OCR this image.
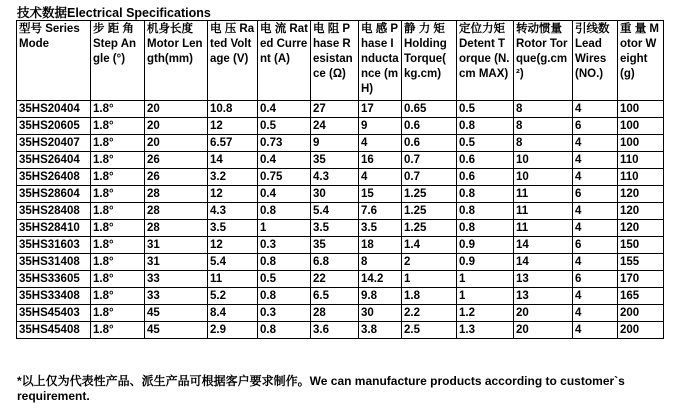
技术数据Electrical Specifications
型号 Series Mode	步 距 角 Step Angle (°)	机身长度 Motor Length(mm)	电 压 Rated Voltage (V)	电 流 Rated Current (A)	电 阻 Phase Resistance (Ω)	电 感 Phase Inductance (mH)	静 力 矩 Holding Torque( kg.cm)	定位力矩 Detent Torque (N.cm MAX)	转动惯量 Rotor Torque(g.cm²)	引线数 Lead Wires (NO.)	重 量 Motor Weight (g)
35HS20404	1.8°	20	10.8	0.4	27	17	0.65	0.5	8	4	100
35HS20605	1.8°	20	12	0.5	24	9	0.6	0.8	8	6	100
35HS20407	1.8°	20	6.57	0.73	9	4	0.6	0.5	8	4	100
35HS26404	1.8°	26	14	0.4	35	16	0.7	0.6	10	4	110
35HS26408	1.8°	26	3.2	0.75	4.3	4	0.7	0.6	10	4	110
35HS28604	1.8°	28	12	0.4	30	15	1.25	0.8	11	6	120
35HS28408	1.8°	28	4.3	0.8	5.4	7.6	1.25	0.8	11	4	120
35HS28410	1.8°	28	3.5	1	3.5	3.5	1.25	0.8	11	4	120
35HS31603	1.8°	31	12	0.3	35	18	1.4	0.9	14	6	150
35HS31408	1.8°	31	5.4	0.8	6.8	8	2	0.9	14	4	155
35HS33605	1.8°	33	11	0.5	22	14.2	1	1	13	6	170
35HS33408	1.8°	33	5.2	0.8	6.5	9.8	1.8	1	13	4	165
35HS45403	1.8°	45	8.4	0.3	28	30	2.2	1.2	20	4	200
35HS45408	1.8°	45	2.9	0.8	3.6	3.8	2.5	1.3	20	4	200
*以上仅为代表性产品、派生产品可根据客户要求制作。We can manufacture products according to customer`s requirement.
